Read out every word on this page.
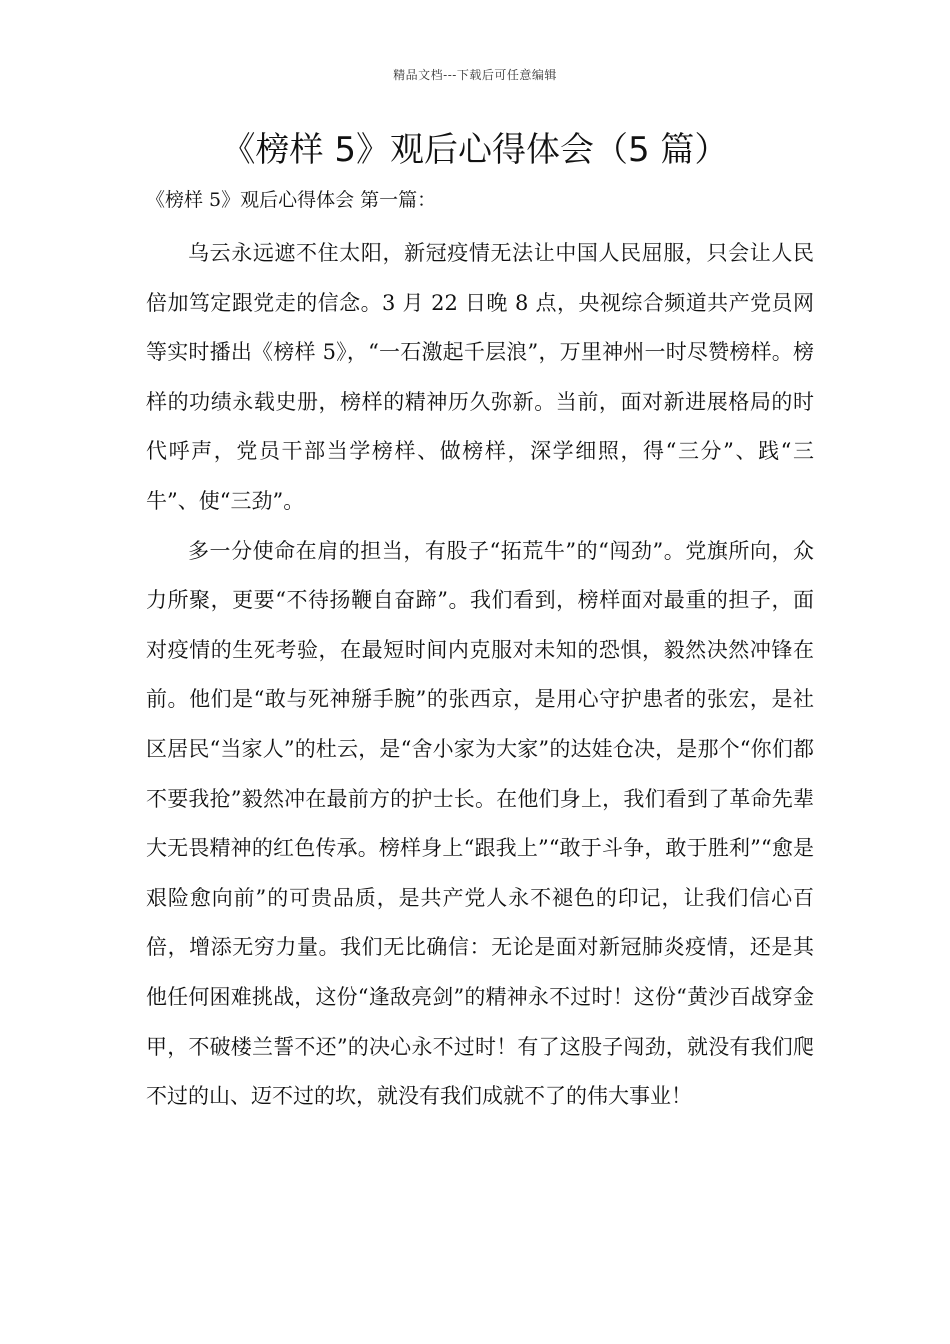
精品文档---下载后可任意编辑
《榜样 5》观后心得体会（5 篇）
《榜样 5》观后心得体会 第一篇：

乌云永远遮不住太阳，新冠疫情无法让中国人民屈服，只会让人民倍加笃定跟党走的信念。3 月 22 日晚 8 点，央视综合频道共产党员网等实时播出《榜样 5》，“一石激起千层浪”，万里神州一时尽赞榜样。榜样的功绩永载史册，榜样的精神历久弥新。当前，面对新进展格局的时代呼声，党员干部当学榜样、做榜样，深学细照，得“三分”、践“三牛”、使“三劲”。

多一分使命在肩的担当，有股子“拓荒牛”的“闯劲”。党旗所向，众力所聚，更要“不待扬鞭自奋蹄”。我们看到，榜样面对最重的担子，面对疫情的生死考验，在最短时间内克服对未知的恐惧，毅然决然冲锋在前。他们是“敢与死神掰手腕”的张西京，是用心守护患者的张宏，是社区居民“当家人”的杜云，是“舍小家为大家”的达娃仓决，是那个“你们都不要我抢”毅然冲在最前方的护士长。在他们身上，我们看到了革命先辈大无畏精神的红色传承。榜样身上“跟我上”“敢于斗争，敢于胜利”“愈是艰险愈向前”的可贵品质，是共产党人永不褪色的印记，让我们信心百倍，增添无穷力量。我们无比确信：无论是面对新冠肺炎疫情，还是其他任何困难挑战，这份“逢敌亮剑”的精神永不过时！这份“黄沙百战穿金甲，不破楼兰誓不还”的决心永不过时！有了这股子闯劲，就没有我们爬不过的山、迈不过的坎，就没有我们成就不了的伟大事业！
